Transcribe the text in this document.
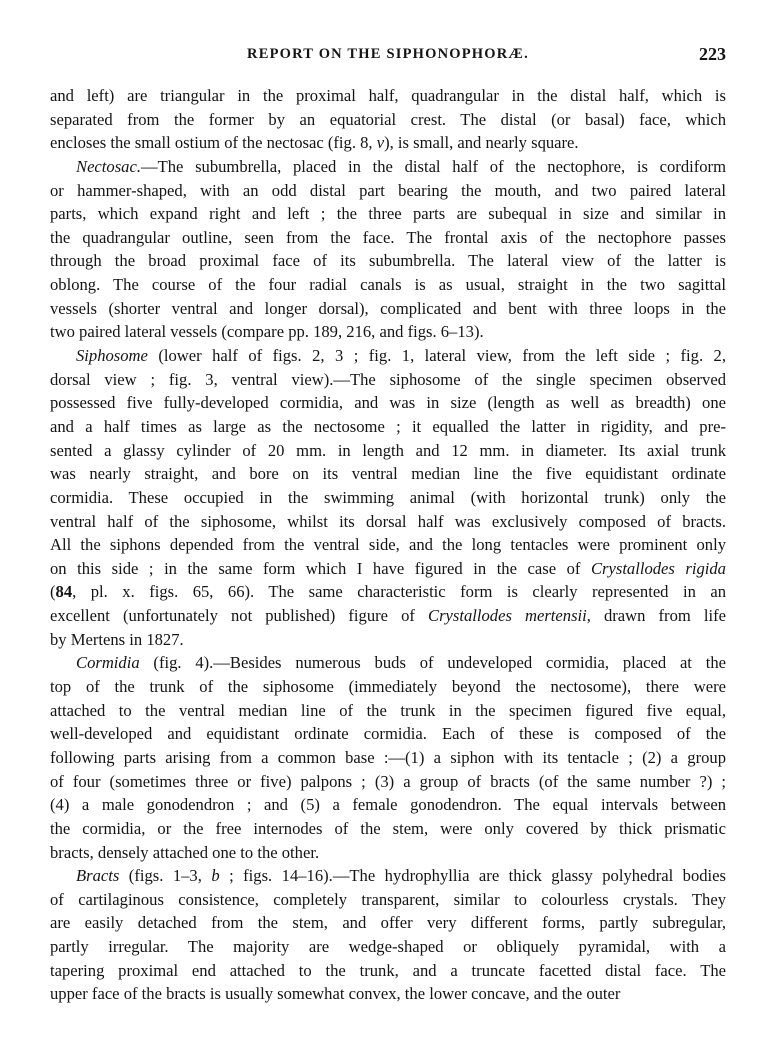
REPORT ON THE SIPHONOPHORÆ.	223
and left) are triangular in the proximal half, quadrangular in the distal half, which is
separated from the former by an equatorial crest. The distal (or basal) face, which
encloses the small ostium of the nectosac (fig. 8, v), is small, and nearly square.
Nectosac.—The subumbrella, placed in the distal half of the nectophore, is cordiform
or hammer-shaped, with an odd distal part bearing the mouth, and two paired lateral
parts, which expand right and left ; the three parts are subequal in size and similar in
the quadrangular outline, seen from the face. The frontal axis of the nectophore passes
through the broad proximal face of its subumbrella. The lateral view of the latter is
oblong. The course of the four radial canals is as usual, straight in the two sagittal
vessels (shorter ventral and longer dorsal), complicated and bent with three loops in the
two paired lateral vessels (compare pp. 189, 216, and figs. 6–13).
Siphosome (lower half of figs. 2, 3 ; fig. 1, lateral view, from the left side ; fig. 2,
dorsal view ; fig. 3, ventral view).—The siphosome of the single specimen observed
possessed five fully-developed cormidia, and was in size (length as well as breadth) one
and a half times as large as the nectosome ; it equalled the latter in rigidity, and pre-
sented a glassy cylinder of 20 mm. in length and 12 mm. in diameter. Its axial trunk
was nearly straight, and bore on its ventral median line the five equidistant ordinate
cormidia. These occupied in the swimming animal (with horizontal trunk) only the
ventral half of the siphosome, whilst its dorsal half was exclusively composed of bracts.
All the siphons depended from the ventral side, and the long tentacles were prominent only
on this side ; in the same form which I have figured in the case of Crystallodes rigida
(84, pl. x. figs. 65, 66). The same characteristic form is clearly represented in an
excellent (unfortunately not published) figure of Crystallodes mertensii, drawn from life
by Mertens in 1827.
Cormidia (fig. 4).—Besides numerous buds of undeveloped cormidia, placed at the
top of the trunk of the siphosome (immediately beyond the nectosome), there were
attached to the ventral median line of the trunk in the specimen figured five equal,
well-developed and equidistant ordinate cormidia. Each of these is composed of the
following parts arising from a common base :—(1) a siphon with its tentacle ; (2) a group
of four (sometimes three or five) palpons ; (3) a group of bracts (of the same number ?) ;
(4) a male gonodendron ; and (5) a female gonodendron. The equal intervals between
the cormidia, or the free internodes of the stem, were only covered by thick prismatic
bracts, densely attached one to the other.
Bracts (figs. 1–3, b ; figs. 14–16).—The hydrophyllia are thick glassy polyhedral bodies
of cartilaginous consistence, completely transparent, similar to colourless crystals. They
are easily detached from the stem, and offer very different forms, partly subregular,
partly irregular. The majority are wedge-shaped or obliquely pyramidal, with a
tapering proximal end attached to the trunk, and a truncate facetted distal face. The
upper face of the bracts is usually somewhat convex, the lower concave, and the outer
